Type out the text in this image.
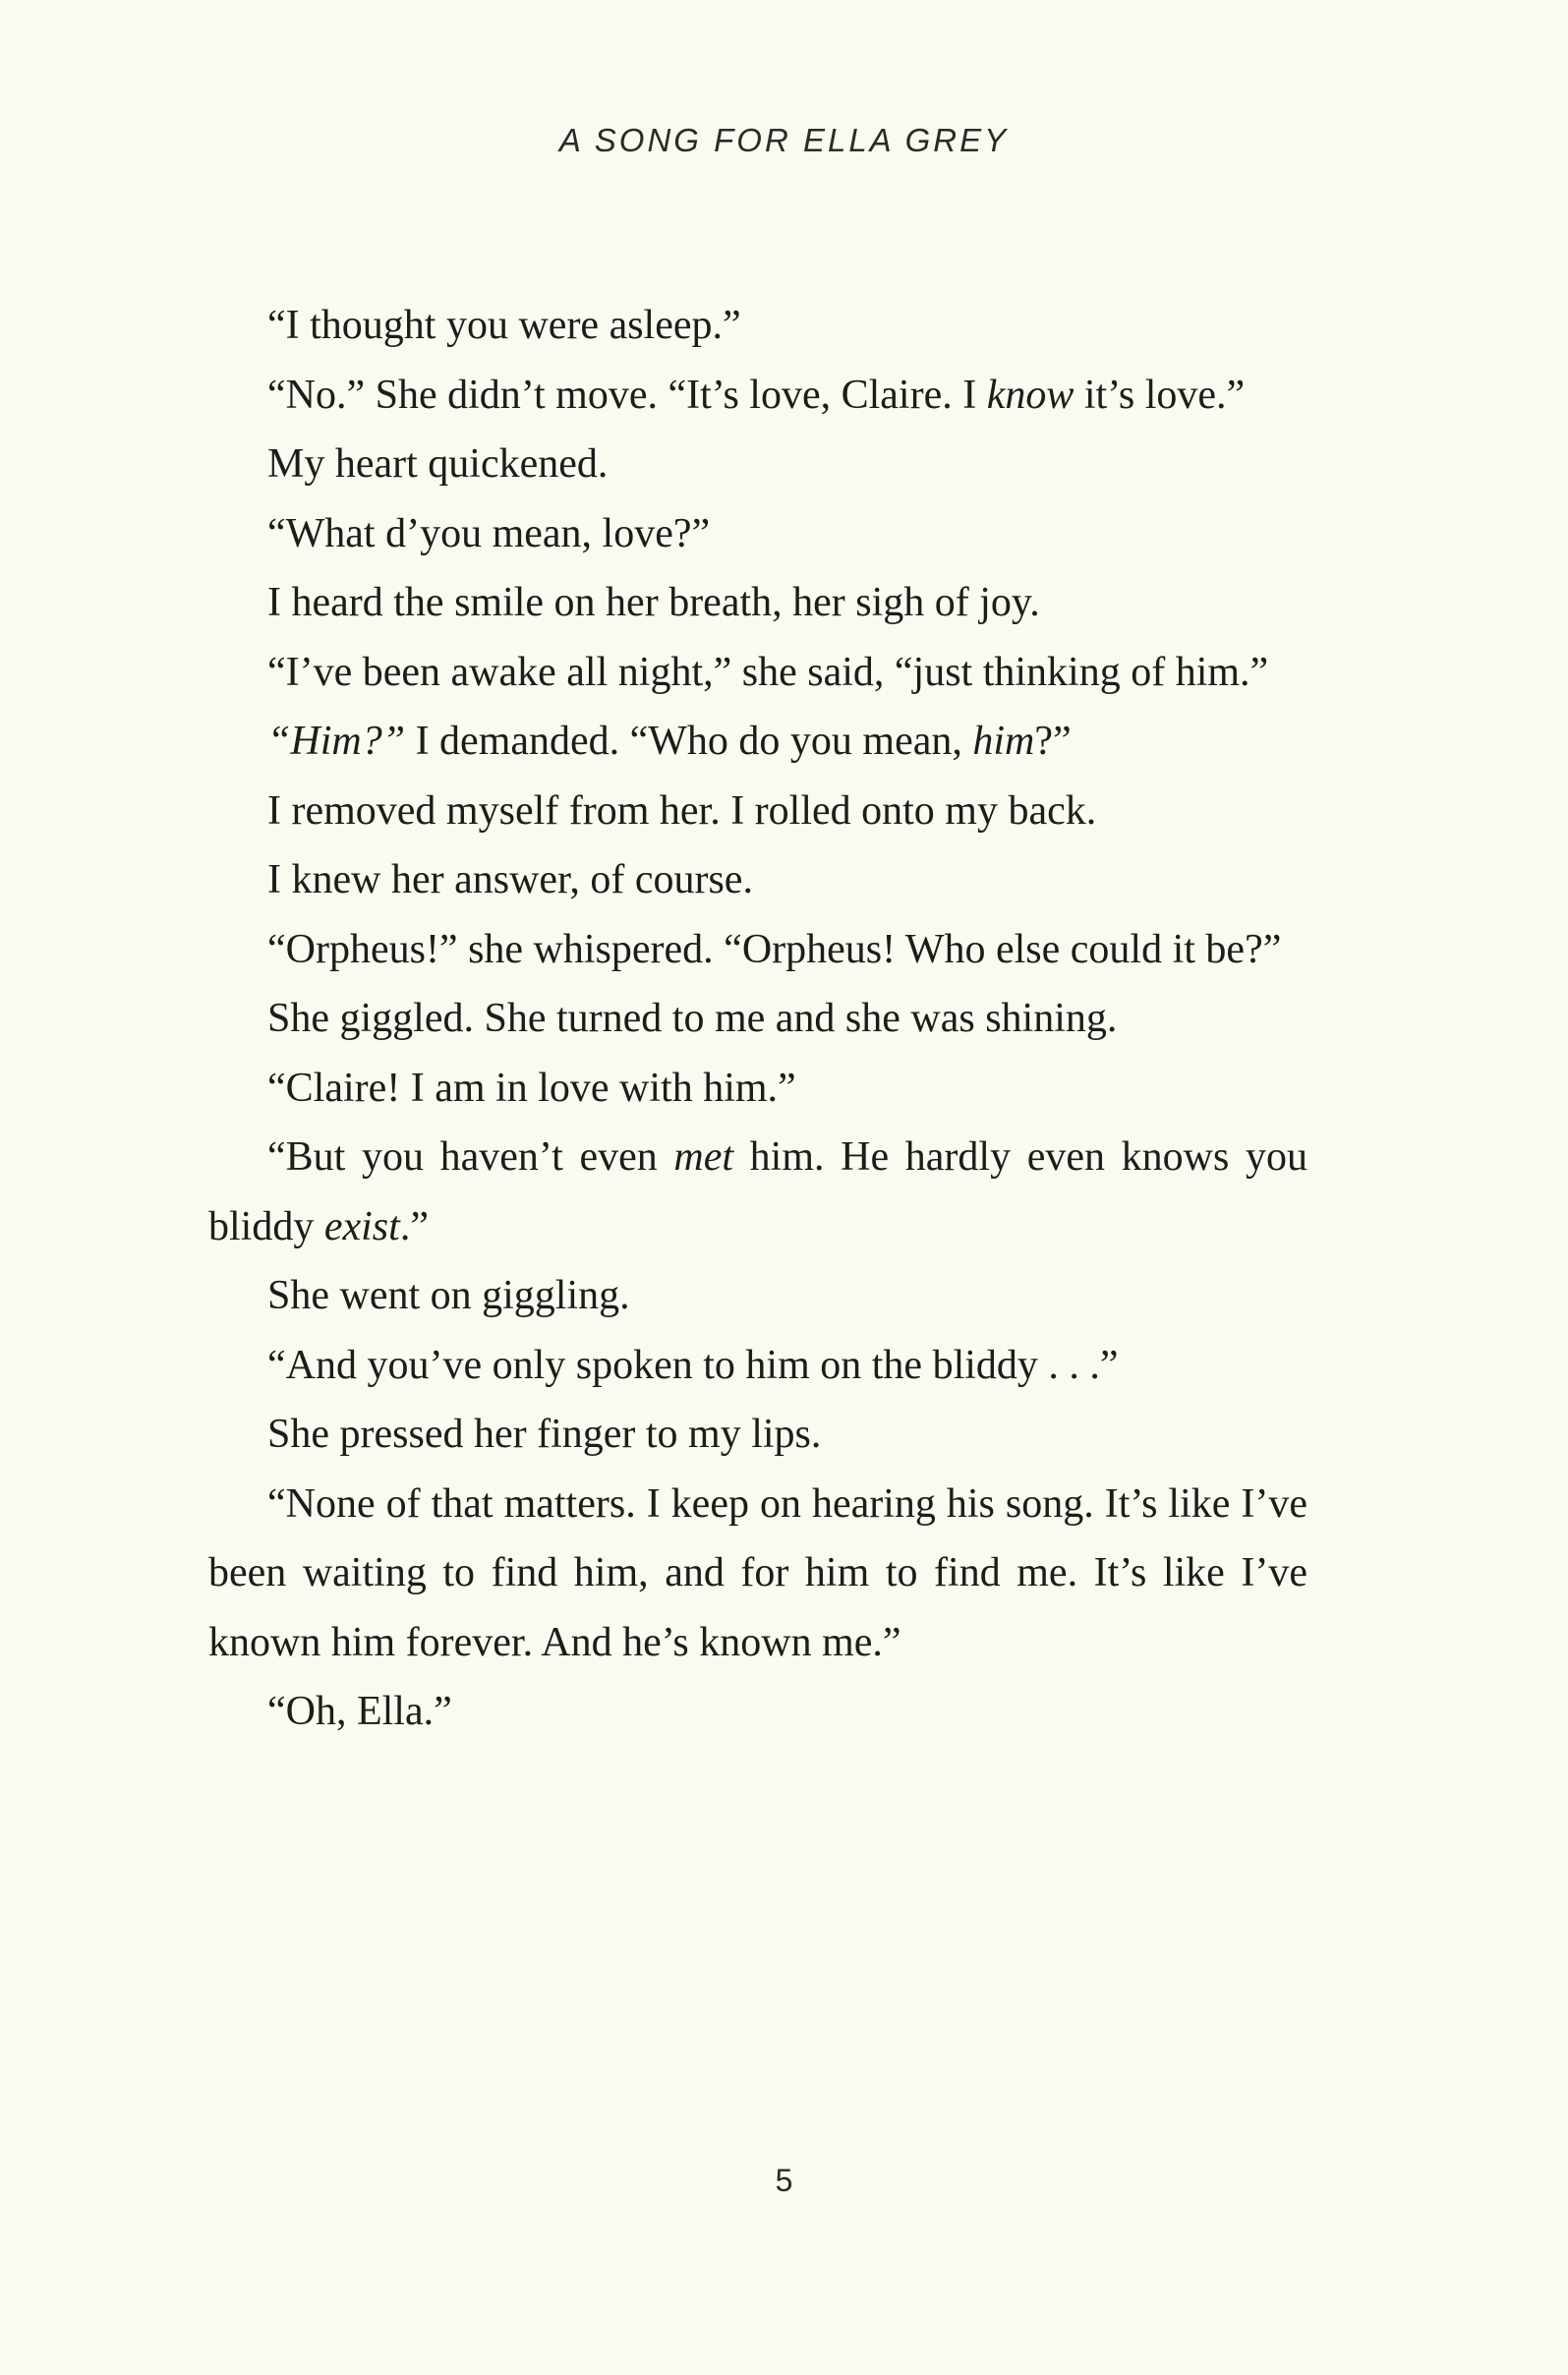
A SONG FOR ELLA GREY

“I thought you were asleep.”

“No.” She didn’t move. “It’s love, Claire. I know it’s love.”

My heart quickened.

“What d’you mean, love?”

I heard the smile on her breath, her sigh of joy.

“I’ve been awake all night,” she said, “just thinking of him.”

“Him?” I demanded. “Who do you mean, him?”

I removed myself from her. I rolled onto my back.

I knew her answer, of course.

“Orpheus!” she whispered. “Orpheus! Who else could it be?”

She giggled. She turned to me and she was shining.

“Claire! I am in love with him.”

“But you haven’t even met him. He hardly even knows you bliddy exist.”

She went on giggling.

“And you’ve only spoken to him on the bliddy . . .”

She pressed her finger to my lips.

“None of that matters. I keep on hearing his song. It’s like I’ve been waiting to find him, and for him to find me. It’s like I’ve known him forever. And he’s known me.”

“Oh, Ella.”

5
